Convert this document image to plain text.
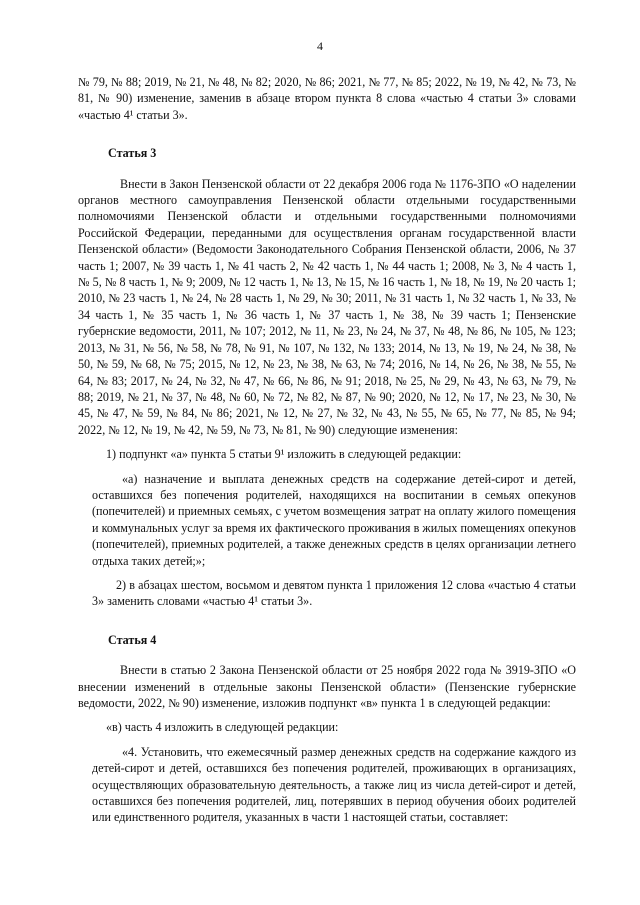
4

№ 79, № 88; 2019, № 21, № 48, № 82; 2020, № 86; 2021, № 77, № 85; 2022, № 19, № 42, № 73, № 81, № 90) изменение, заменив в абзаце втором пункта 8 слова «частью 4 статьи 3» словами «частью 4¹ статьи 3».

Статья 3

Внести в Закон Пензенской области от 22 декабря 2006 года № 1176-ЗПО «О наделении органов местного самоуправления Пензенской области отдельными государственными полномочиями Пензенской области и отдельными государственными полномочиями Российской Федерации, переданными для осуществления органам государственной власти Пензенской области» (Ведомости Законодательного Собрания Пензенской области, 2006, № 37 часть 1; 2007, № 39 часть 1, № 41 часть 2, № 42 часть 1, № 44 часть 1; 2008, № 3, № 4 часть 1, № 5, № 8 часть 1, № 9; 2009, № 12 часть 1, № 13, № 15, № 16 часть 1, № 18, № 19, № 20 часть 1; 2010, № 23 часть 1, № 24, № 28 часть 1, № 29, № 30; 2011, № 31 часть 1, № 32 часть 1, № 33, № 34 часть 1, № 35 часть 1, № 36 часть 1, № 37 часть 1, № 38, № 39 часть 1; Пензенские губернские ведомости, 2011, № 107; 2012, № 11, № 23, № 24, № 37, № 48, № 86, № 105, № 123; 2013, № 31, № 56, № 58, № 78, № 91, № 107, № 132, № 133; 2014, № 13, № 19, № 24, № 38, № 50, № 59, № 68, № 75; 2015, № 12, № 23, № 38, № 63, № 74; 2016, № 14, № 26, № 38, № 55, № 64, № 83; 2017, № 24, № 32, № 47, № 66, № 86, № 91; 2018, № 25, № 29, № 43, № 63, № 79, № 88; 2019, № 21, № 37, № 48, № 60, № 72, № 82, № 87, № 90; 2020, № 12, № 17, № 23, № 30, № 45, № 47, № 59, № 84, № 86; 2021, № 12, № 27, № 32, № 43, № 55, № 65, № 77, № 85, № 94; 2022, № 12, № 19, № 42, № 59, № 73, № 81, № 90) следующие изменения:

1) подпункт «а» пункта 5 статьи 9¹ изложить в следующей редакции:

«а) назначение и выплата денежных средств на содержание детей-сирот и детей, оставшихся без попечения родителей, находящихся на воспитании в семьях опекунов (попечителей) и приемных семьях, с учетом возмещения затрат на оплату жилого помещения и коммунальных услуг за время их фактического проживания в жилых помещениях опекунов (попечителей), приемных родителей, а также денежных средств в целях организации летнего отдыха таких детей;»;

2) в абзацах шестом, восьмом и девятом пункта 1 приложения 12 слова «частью 4 статьи 3» заменить словами «частью 4¹ статьи 3».

Статья 4

Внести в статью 2 Закона Пензенской области от 25 ноября 2022 года № 3919-ЗПО «О внесении изменений в отдельные законы Пензенской области» (Пензенские губернские ведомости, 2022, № 90) изменение, изложив подпункт «в» пункта 1 в следующей редакции:

«в) часть 4 изложить в следующей редакции:

«4. Установить, что ежемесячный размер денежных средств на содержание каждого из детей-сирот и детей, оставшихся без попечения родителей, проживающих в организациях, осуществляющих образовательную деятельность, а также лиц из числа детей-сирот и детей, оставшихся без попечения родителей, лиц, потерявших в период обучения обоих родителей или единственного родителя, указанных в части 1 настоящей статьи, составляет:
